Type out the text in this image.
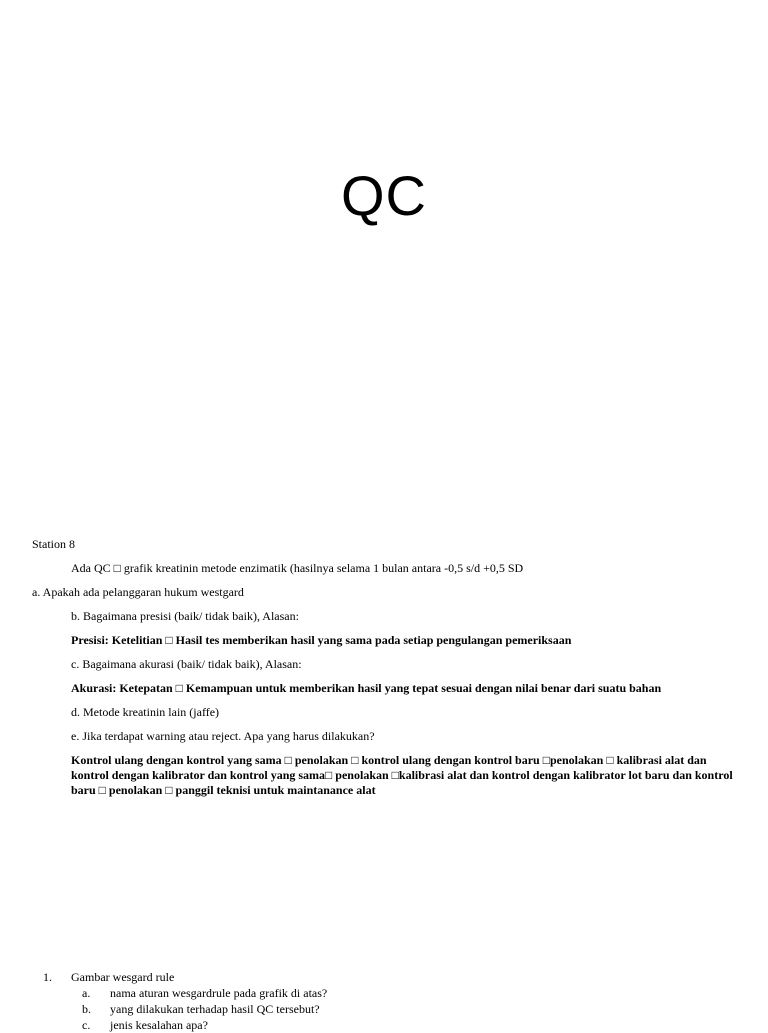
QC
Station 8
Ada QC □ grafik kreatinin metode enzimatik (hasilnya selama 1 bulan antara -0,5 s/d +0,5 SD
a. Apakah ada pelanggaran hukum westgard
b. Bagaimana presisi (baik/ tidak baik), Alasan:
Presisi: Ketelitian □ Hasil tes memberikan hasil yang sama pada setiap pengulangan pemeriksaan
c. Bagaimana akurasi (baik/ tidak baik), Alasan:
Akurasi: Ketepatan □ Kemampuan untuk memberikan hasil yang tepat sesuai dengan nilai benar dari suatu bahan
d. Metode kreatinin lain (jaffe)
e. Jika terdapat warning atau reject. Apa yang harus dilakukan?
Kontrol ulang dengan kontrol yang sama □ penolakan □ kontrol ulang dengan kontrol baru □penolakan □ kalibrasi alat dan
kontrol dengan kalibrator dan kontrol yang sama□ penolakan □kalibrasi alat dan kontrol dengan kalibrator lot baru dan kontrol
baru □ penolakan □ panggil teknisi untuk maintanance alat
1. Gambar wesgard rule
a. nama aturan wesgardrule pada grafik di atas?
b. yang dilakukan terhadap hasil QC tersebut?
c. jenis kesalahan apa?
